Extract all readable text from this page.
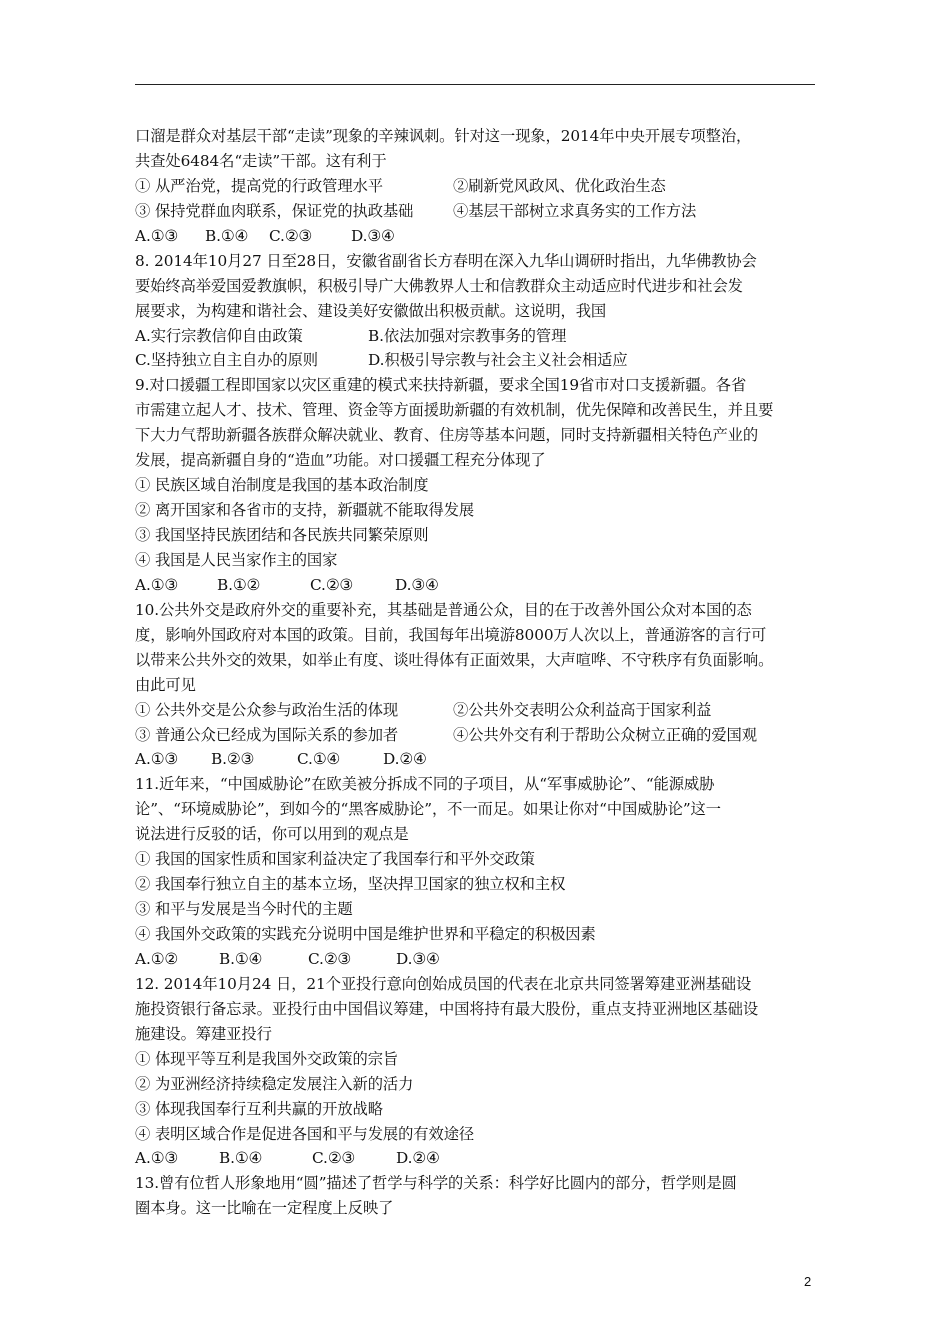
口溜是群众对基层干部“走读”现象的辛辣讽刺。针对这一现象，2014年中央开展专项整治，
共查处6484名“走读”干部。这有利于
① 从严治党，提高党的行政管理水平	②刷新党风政风、优化政治生态
③ 保持党群血肉联系，保证党的执政基础	④基层干部树立求真务实的工作方法
A.①③ B.①④ C.②③	D.③④
8. 2014年10月27 日至28日，安徽省副省长方春明在深入九华山调研时指出，九华佛教协会
要始终高举爱国爱教旗帜，积极引导广大佛教界人士和信教群众主动适应时代进步和社会发
展要求，为构建和谐社会、建设美好安徽做出积极贡献。这说明，我国
A.实行宗教信仰自由政策	B.依法加强对宗教事务的管理
C.坚持独立自主自办的原则	D.积极引导宗教与社会主义社会相适应
9.对口援疆工程即国家以灾区重建的模式来扶持新疆，要求全国19省市对口支援新疆。各省
市需建立起人才、技术、管理、资金等方面援助新疆的有效机制，优先保障和改善民生，并且要
下大力气帮助新疆各族群众解决就业、教育、住房等基本问题，同时支持新疆相关特色产业的
发展，提高新疆自身的“造血”功能。对口援疆工程充分体现了
① 民族区域自治制度是我国的基本政治制度
② 离开国家和各省市的支持，新疆就不能取得发展
③ 我国坚持民族团结和各民族共同繁荣原则
④ 我国是人民当家作主的国家
A.①③	B.①②	C.②③	D.③④
10.公共外交是政府外交的重要补充，其基础是普通公众，目的在于改善外国公众对本国的态
度，影响外国政府对本国的政策。目前，我国每年出境游8000万人次以上，普通游客的言行可
以带来公共外交的效果，如举止有度、谈吐得体有正面效果，大声喧哗、不守秩序有负面影响。
由此可见
① 公共外交是公众参与政治生活的体现	②公共外交表明公众利益高于国家利益
③ 普通公众已经成为国际关系的参加者	④公共外交有利于帮助公众树立正确的爱国观
A.①③ B.②③	C.①④	D.②④
11.近年来，“中国威胁论”在欧美被分拆成不同的子项目，从“军事威胁论”、“能源威胁
论”、“环境威胁论”，到如今的“黑客威胁论”，不一而足。如果让你对“中国威胁论”这一
说法进行反驳的话，你可以用到的观点是
① 我国的国家性质和国家利益决定了我国奉行和平外交政策
② 我国奉行独立自主的基本立场，坚决捍卫国家的独立权和主权
③ 和平与发展是当今时代的主题
④ 我国外交政策的实践充分说明中国是维护世界和平稳定的积极因素
A.①②	B.①④	C.②③	D.③④
12. 2014年10月24 日，21个亚投行意向创始成员国的代表在北京共同签署筹建亚洲基础设
施投资银行备忘录。亚投行由中国倡议筹建，中国将持有最大股份，重点支持亚洲地区基础设
施建设。筹建亚投行
① 体现平等互利是我国外交政策的宗旨
② 为亚洲经济持续稳定发展注入新的活力
③ 体现我国奉行互利共赢的开放战略
④ 表明区域合作是促进各国和平与发展的有效途径
A.①③	B.①④	C.②③	D.②④
13.曾有位哲人形象地用“圆”描述了哲学与科学的关系：科学好比圆内的部分，哲学则是圆
圈本身。这一比喻在一定程度上反映了
2
